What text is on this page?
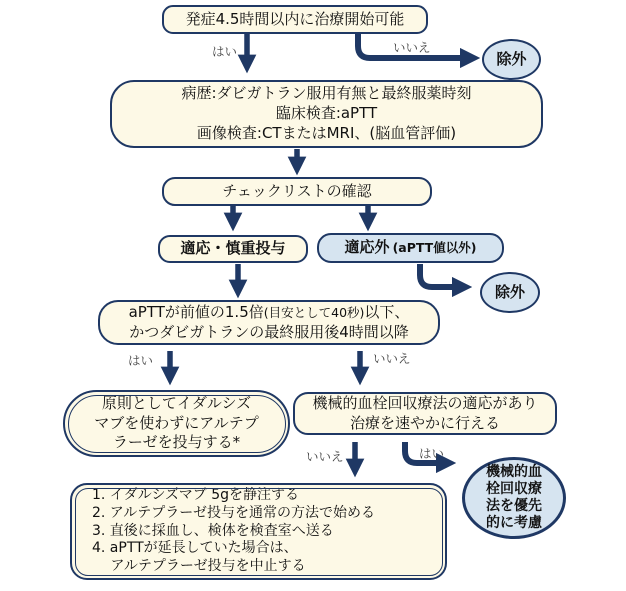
発症4.5時間以内に治療開始可能
除外
病歴:ダビガトラン服用有無と最終服薬時刻
臨床検査:aPTT
画像検査:CTまたはMRI、(脳血管評価)
チェックリストの確認
適応・慎重投与	適応外 (aPTT値以外)
除外
aPTTが前値の1.5倍 (目安として40秒) 以下、
かつダビガトランの最終服用後4時間以降
原則としてイダルシズ
マブを使わずにアルテプ
ラーゼを投与する*
機械的血栓回収療法の適応があり
治療を速やかに行える
機械的血
栓回収療
法を優先
的に考慮
1. イダルシズマブ 5gを静注する
2. アルテプラーゼ投与を通常の方法で始める
3. 直後に採血し、検体を検査室へ送る
4. aPTTが延長していた場合は、
　 アルテプラーゼ投与を中止する
はい	いいえ
はい	いいえ
いいえ	はい
